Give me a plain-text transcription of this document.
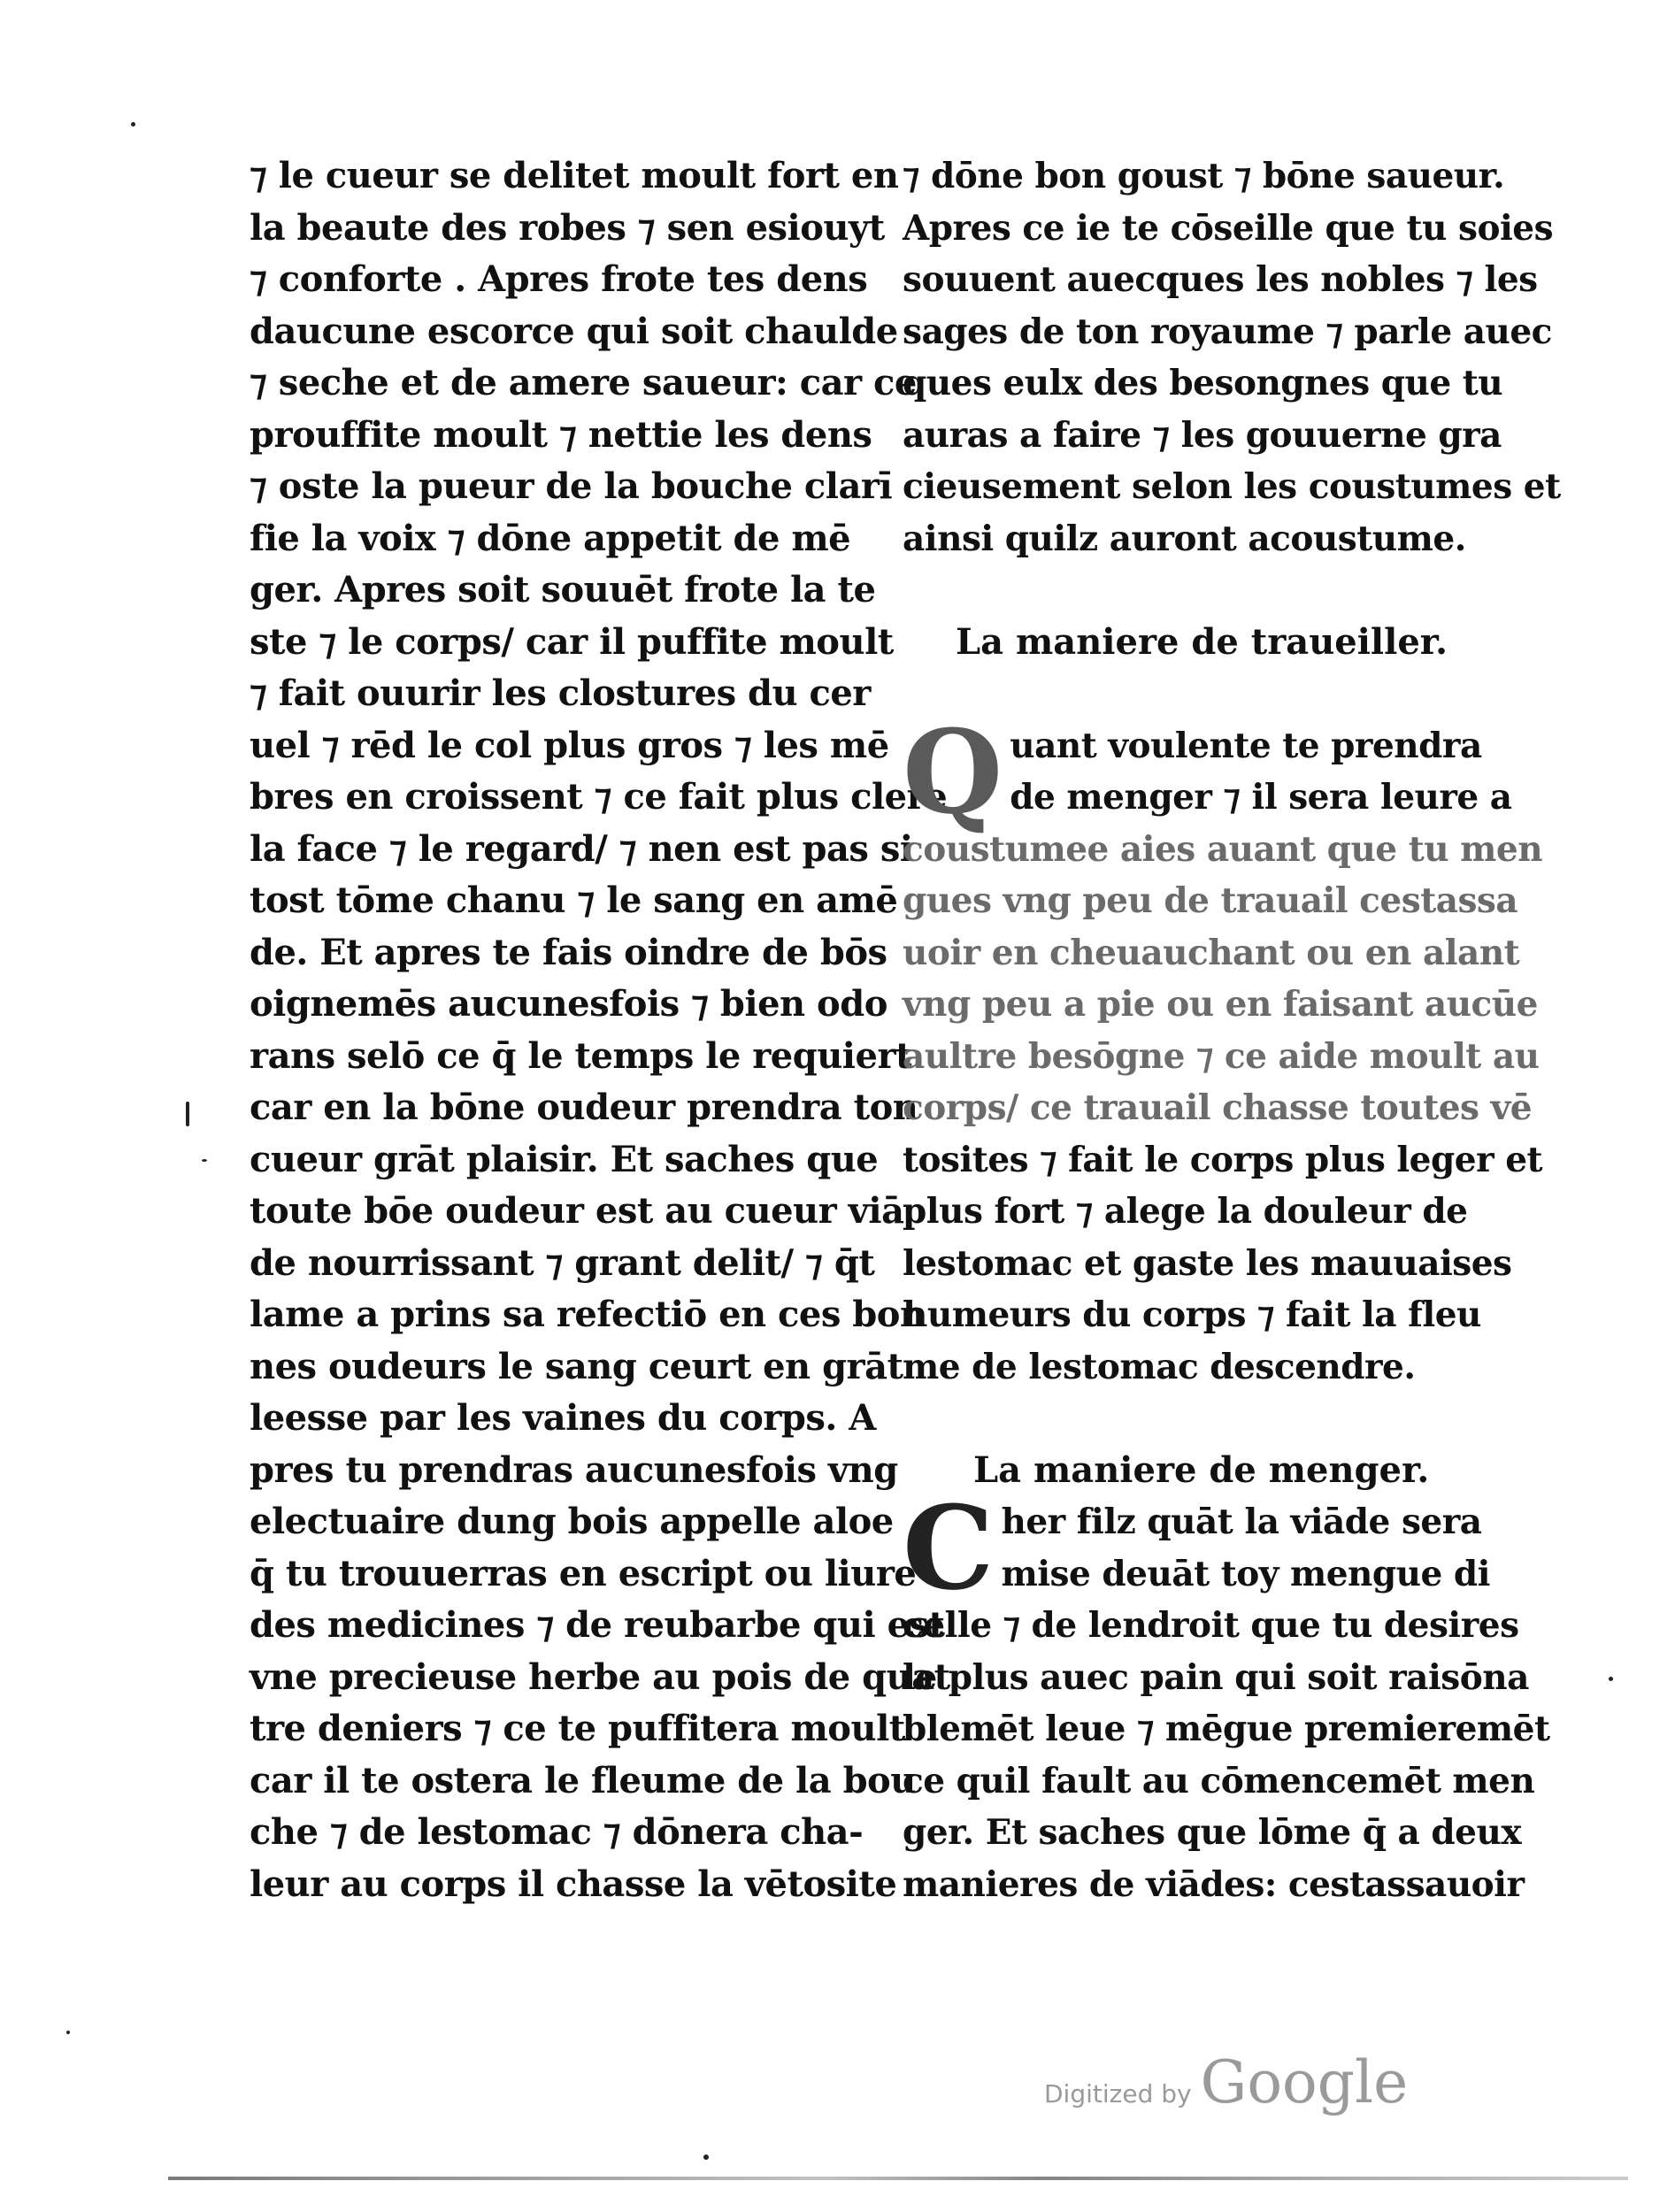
⁊ le cueur se delitet moult fort en
la beaute des robes ⁊ sen esiouyt
⁊ conforte . Apres frote tes dens
daucune escorce qui soit chaulde
⁊ seche et de amere saueur: car ce
prouffite moult ⁊ nettie les dens
⁊ oste la pueur de la bouche clarī
fie la voix ⁊ dōne appetit de mē
ger. Apres soit souuēt frote la te
ste ⁊ le corps/ car il puffite moult
⁊ fait ouurir les clostures du cer
uel ⁊ rēd le col plus gros ⁊ les mē
bres en croissent ⁊ ce fait plus clere
la face ⁊ le regard/ ⁊ nen est pas si
tost tōme chanu ⁊ le sang en amē
de. Et apres te fais oindre de bōs
oignemēs aucunesfois ⁊ bien odo
rans selō ce q̄ le temps le requiert
car en la bōne oudeur prendra ton
cueur grāt plaisir. Et saches que
toute bōe oudeur est au cueur viā
de nourrissant ⁊ grant delit/ ⁊ q̄t
lame a prins sa refectiō en ces bon
nes oudeurs le sang ceurt en grāt
leesse par les vaines du corps. A
pres tu prendras aucunesfois vng
electuaire dung bois appelle aloe
q̄ tu trouuerras en escript ou liure
des medicines ⁊ de reubarbe qui est
vne precieuse herbe au pois de quat
tre deniers ⁊ ce te puffitera moult
car il te ostera le fleume de la bou
che ⁊ de lestomac ⁊ dōnera cha-
leur au corps il chasse la vētosite
⁊ dōne bon goust ⁊ bōne saueur.
Apres ce ie te cōseille que tu soies
souuent auecques les nobles ⁊ les
sages de ton royaume ⁊ parle auec
ques eulx des besongnes que tu
auras a faire ⁊ les gouuerne gra
cieusement selon les coustumes et
ainsi quilz auront acoustume.
La maniere de traueiller.
Q uant voulente te prendra
de menger ⁊ il sera leure a
coustumee aies auant que tu men
gues vng peu de trauail cestassa
uoir en cheuauchant ou en alant
vng peu a pie ou en faisant aucūe
aultre besōgne ⁊ ce aide moult au
corps/ ce trauail chasse toutes vē
tosites ⁊ fait le corps plus leger et
plus fort ⁊ alege la douleur de
lestomac et gaste les mauuaises
humeurs du corps ⁊ fait la fleu
me de lestomac descendre.
La maniere de menger.
C her filz quāt la viāde sera
mise deuāt toy mengue di
celle ⁊ de lendroit que tu desires
le plus auec pain qui soit raisōna
blemēt leue ⁊ mēgue premieremēt
ce quil fault au cōmencemēt men
ger. Et saches que lōme q̄ a deux
manieres de viādes: cestassauoir
Digitized by Google
